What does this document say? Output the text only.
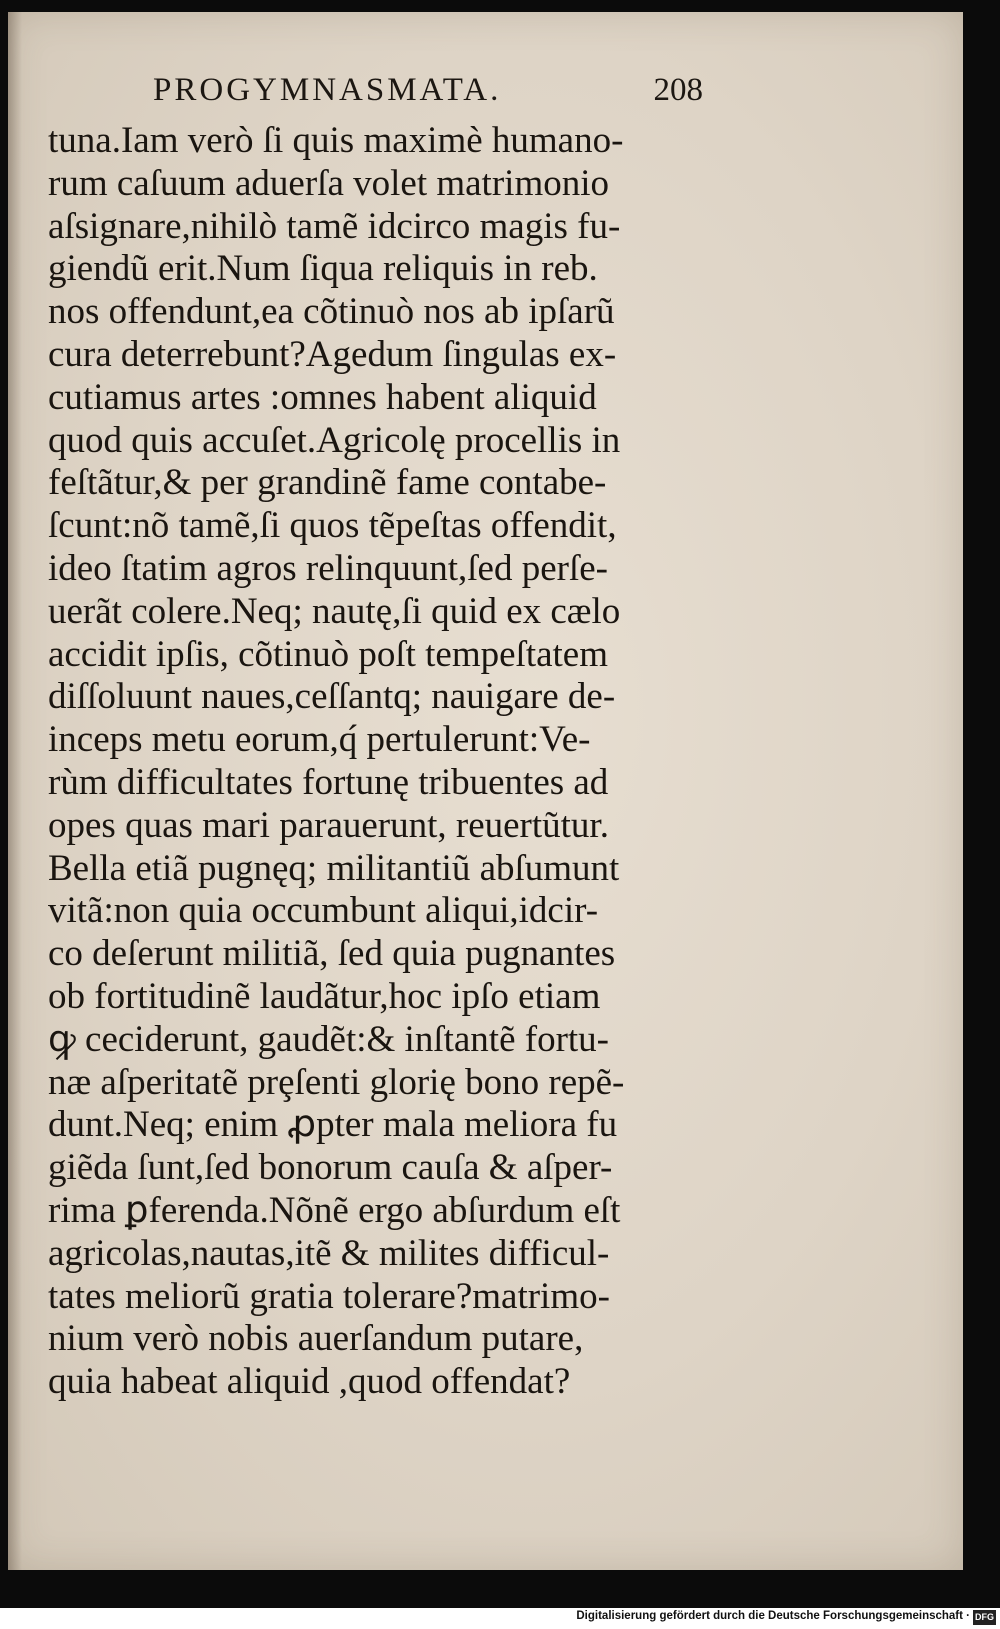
PROGYMNASMATA.	208
tuna.Iam verò ſi quis maximè humano-
rum caſuum aduerſa volet matrimonio
aſsignare,nihilò tamẽ idcirco magis fu-
giendũ erit.Num ſiqua reliquis in reb.
nos offendunt,ea cõtinuò nos ab ipſarũ
cura deterrebunt?Agedum ſingulas ex-
cutiamus artes :omnes habent aliquid
quod quis accuſet.Agricolę procellis in
feſtãtur,& per grandinẽ fame contabe-
ſcunt:nõ tamẽ,ſi quos tẽpeſtas offendit,
ideo ſtatim agros relinquunt,ſed perſe-
uerãt colere.Neq; nautę,ſi quid ex cælo
accidit ipſis, cõtinuò poſt tempeſtatem
diſſoluunt naues,ceſſantq; nauigare de-
inceps metu eorum,q́ pertulerunt:Ve-
rùm difficultates fortunę tribuentes ad
opes quas mari parauerunt, reuertũtur.
Bella etiã pugnęq; militantiũ abſumunt
vitã:non quia occumbunt aliqui,idcir-
co deſerunt militiã, ſed quia pugnantes
ob fortitudinẽ laudãtur,hoc ipſo etiam
ꝙ ceciderunt, gaudẽt:& inſtantẽ fortu-
næ aſperitatẽ prȩſenti glorię bono repẽ-
dunt.Neq; enim ꝓpter mala meliora fu
giẽda ſunt,ſed bonorum cauſa & aſper-
rima ꝑferenda.Nõnẽ ergo abſurdum eſt
agricolas,nautas,itẽ & milites difficul-
tates meliorũ gratia tolerare?matrimo-
nium verò nobis auerſandum putare,
quia habeat aliquid ,quod offendat?
Digitalisierung gefördert durch die Deutsche Forschungsgemeinschaft · DFG
